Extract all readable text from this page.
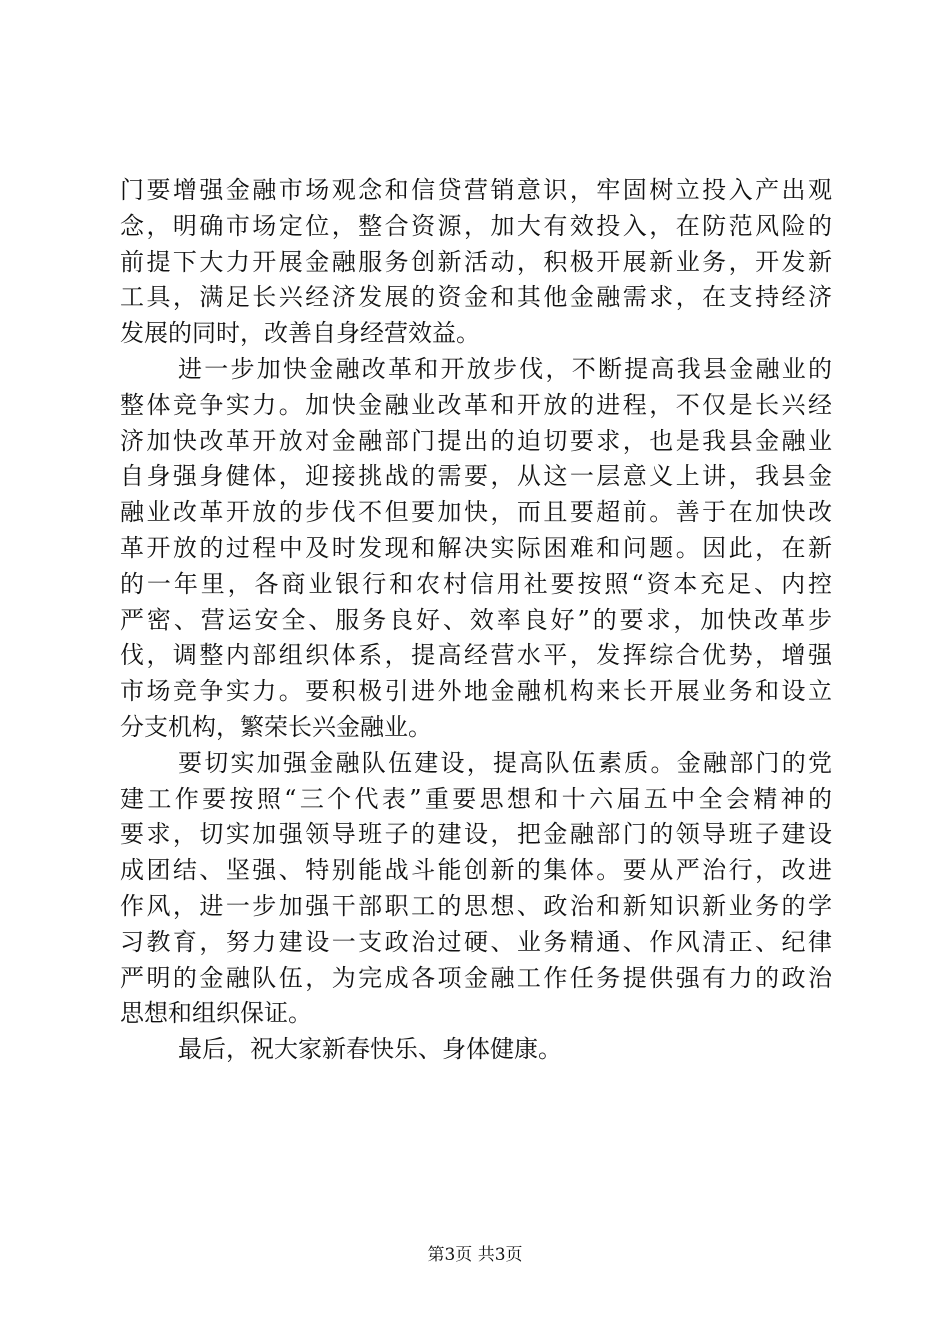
门要增强金融市场观念和信贷营销意识，牢固树立投入产出观
念，明确市场定位，整合资源，加大有效投入，在防范风险的
前提下大力开展金融服务创新活动，积极开展新业务，开发新
工具，满足长兴经济发展的资金和其他金融需求，在支持经济
发展的同时，改善自身经营效益。
进一步加快金融改革和开放步伐，不断提高我县金融业的
整体竞争实力。加快金融业改革和开放的进程，不仅是长兴经
济加快改革开放对金融部门提出的迫切要求，也是我县金融业
自身强身健体，迎接挑战的需要，从这一层意义上讲，我县金
融业改革开放的步伐不但要加快，而且要超前。善于在加快改
革开放的过程中及时发现和解决实际困难和问题。因此，在新
的一年里，各商业银行和农村信用社要按照“资本充足、内控
严密、营运安全、服务良好、效率良好”的要求，加快改革步
伐，调整内部组织体系，提高经营水平，发挥综合优势，增强
市场竞争实力。要积极引进外地金融机构来长开展业务和设立
分支机构，繁荣长兴金融业。
要切实加强金融队伍建设，提高队伍素质。金融部门的党
建工作要按照“三个代表”重要思想和十六届五中全会精神的
要求，切实加强领导班子的建设，把金融部门的领导班子建设
成团结、坚强、特别能战斗能创新的集体。要从严治行，改进
作风，进一步加强干部职工的思想、政治和新知识新业务的学
习教育，努力建设一支政治过硬、业务精通、作风清正、纪律
严明的金融队伍，为完成各项金融工作任务提供强有力的政治
思想和组织保证。
最后，祝大家新春快乐、身体健康。
第3页 共3页
